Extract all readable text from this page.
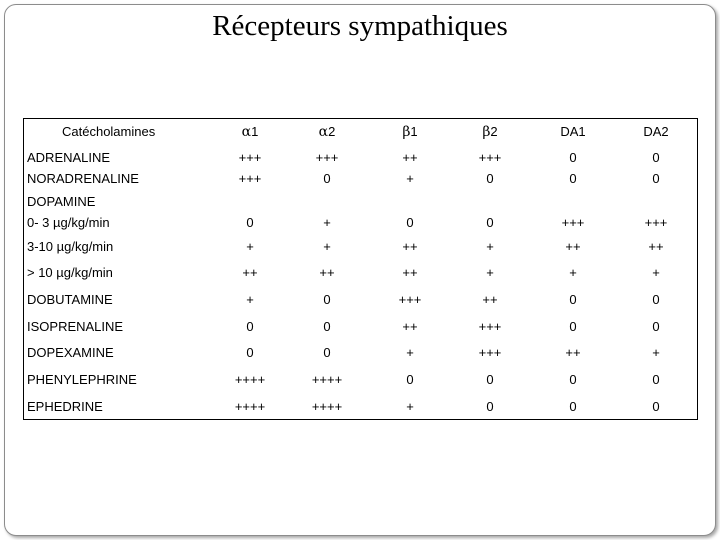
Récepteurs sympathiques
Catécholamines	α1	α2	β1	β2	DA1	DA2
ADRENALINE	+++	+++	++	+++	0	0
NORADRENALINE	+++	0	+	0	0	0
DOPAMINE
0- 3 µg/kg/min	0	+	0	0	+++	+++
3-10 µg/kg/min	+	+	++	+	++	++
> 10 µg/kg/min	++	++	++	+	+	+
DOBUTAMINE	+	0	+++	++	0	0
ISOPRENALINE	0	0	++	+++	0	0
DOPEXAMINE	0	0	+	+++	++	+
PHENYLEPHRINE	++++	++++	0	0	0	0
EPHEDRINE	++++	++++	+	0	0	0
